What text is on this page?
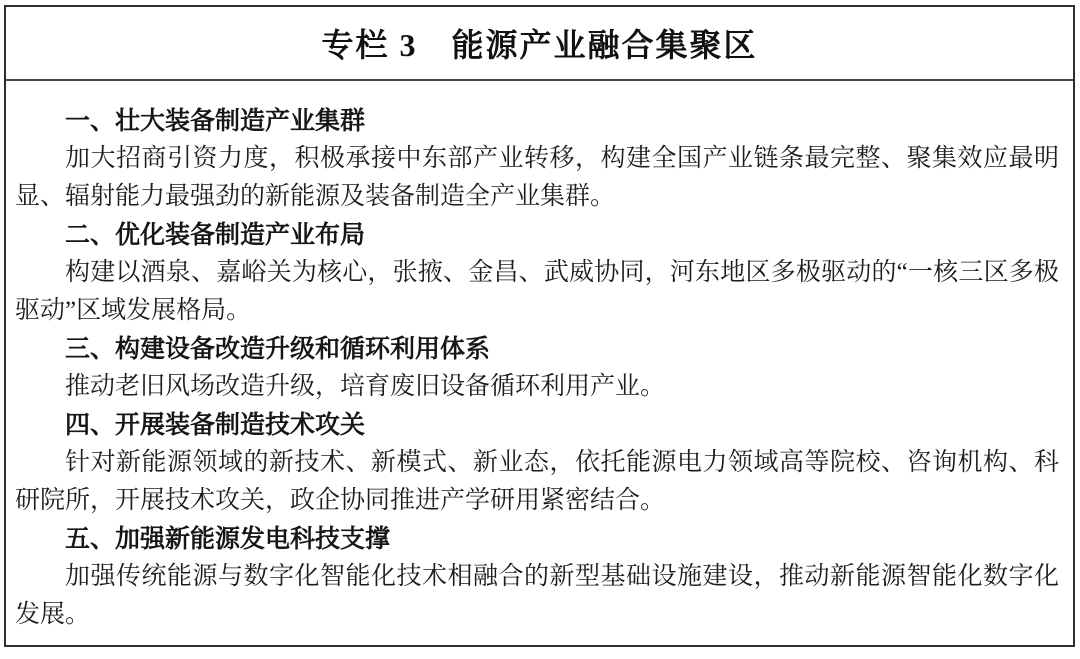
专栏 3　能源产业融合集聚区
一、壮大装备制造产业集群

加大招商引资力度，积极承接中东部产业转移，构建全国产业链条最完整、聚集效应最明显、辐射能力最强劲的新能源及装备制造全产业集群。

二、优化装备制造产业布局

构建以酒泉、嘉峪关为核心，张掖、金昌、武威协同，河东地区多极驱动的“一核三区多极驱动”区域发展格局。

三、构建设备改造升级和循环利用体系

推动老旧风场改造升级，培育废旧设备循环利用产业。

四、开展装备制造技术攻关

针对新能源领域的新技术、新模式、新业态，依托能源电力领域高等院校、咨询机构、科研院所，开展技术攻关，政企协同推进产学研用紧密结合。

五、加强新能源发电科技支撑

加强传统能源与数字化智能化技术相融合的新型基础设施建设，推动新能源智能化数字化发展。
